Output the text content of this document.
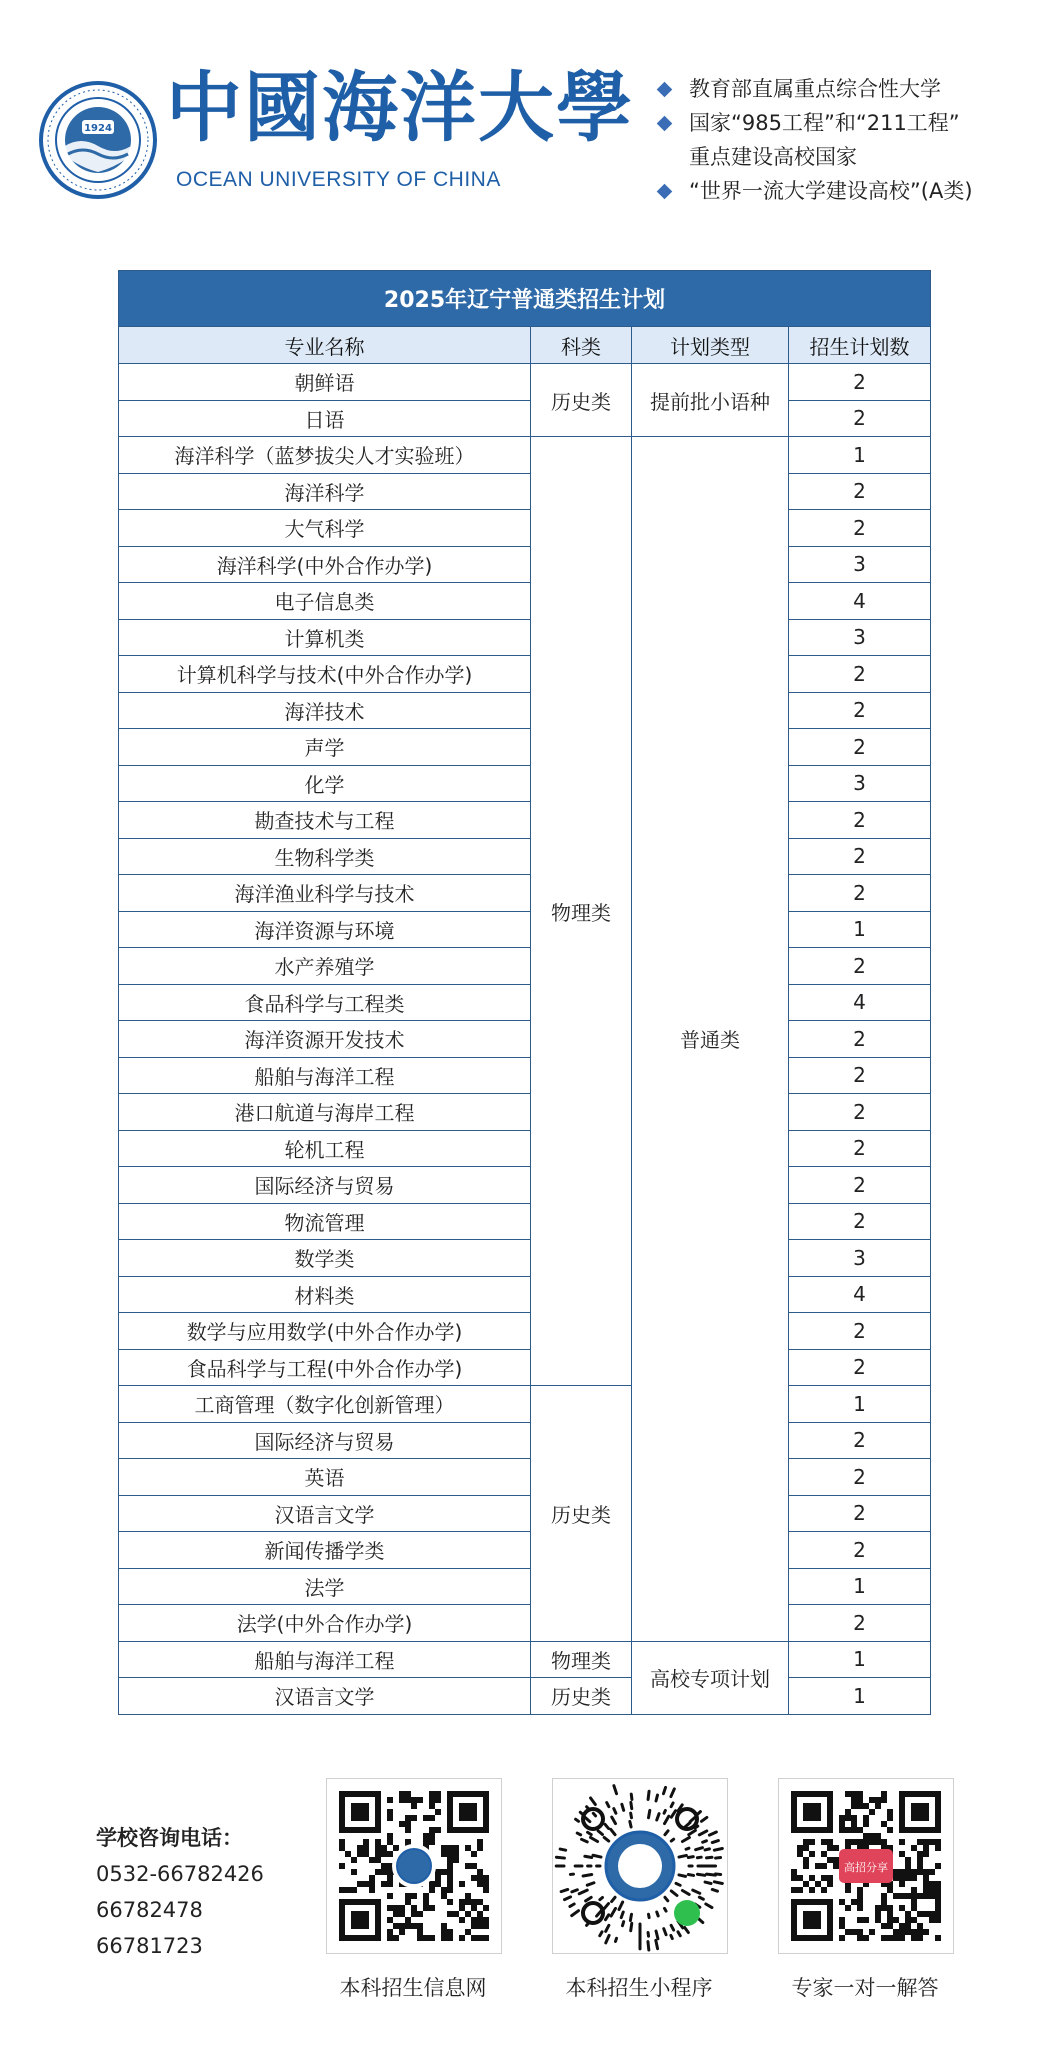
1924 中國海洋大學
OCEAN UNIVERSITY OF CHINA
教育部直属重点综合性大学
国家“985工程”和“211工程”
重点建设高校国家
“世界一流大学建设高校”(A类)
2025年辽宁普通类招生计划			
专业名称	科类	计划类型	招生计划数
朝鲜语	历史类	提前批小语种	2
日语			2
海洋科学（蓝梦拔尖人才实验班）	物理类	普通类	1
海洋科学			2
大气科学			2
海洋科学(中外合作办学)			3
电子信息类			4
计算机类			3
计算机科学与技术(中外合作办学)			2
海洋技术			2
声学			2
化学			3
勘查技术与工程			2
生物科学类			2
海洋渔业科学与技术			2
海洋资源与环境			1
水产养殖学			2
食品科学与工程类			4
海洋资源开发技术			2
船舶与海洋工程			2
港口航道与海岸工程			2
轮机工程			2
国际经济与贸易			2
物流管理			2
数学类			3
材料类			4
数学与应用数学(中外合作办学)			2
食品科学与工程(中外合作办学)			2
工商管理（数字化创新管理）	历史类		1
国际经济与贸易			2
英语			2
汉语言文学			2
新闻传播学类			2
法学			1
法学(中外合作办学)			2
船舶与海洋工程	物理类	高校专项计划	1
汉语言文学	历史类		1
学校咨询电话：
0532-66782426
66782478
66781723
高招分享
本科招生信息网	本科招生小程序	专家一对一解答
